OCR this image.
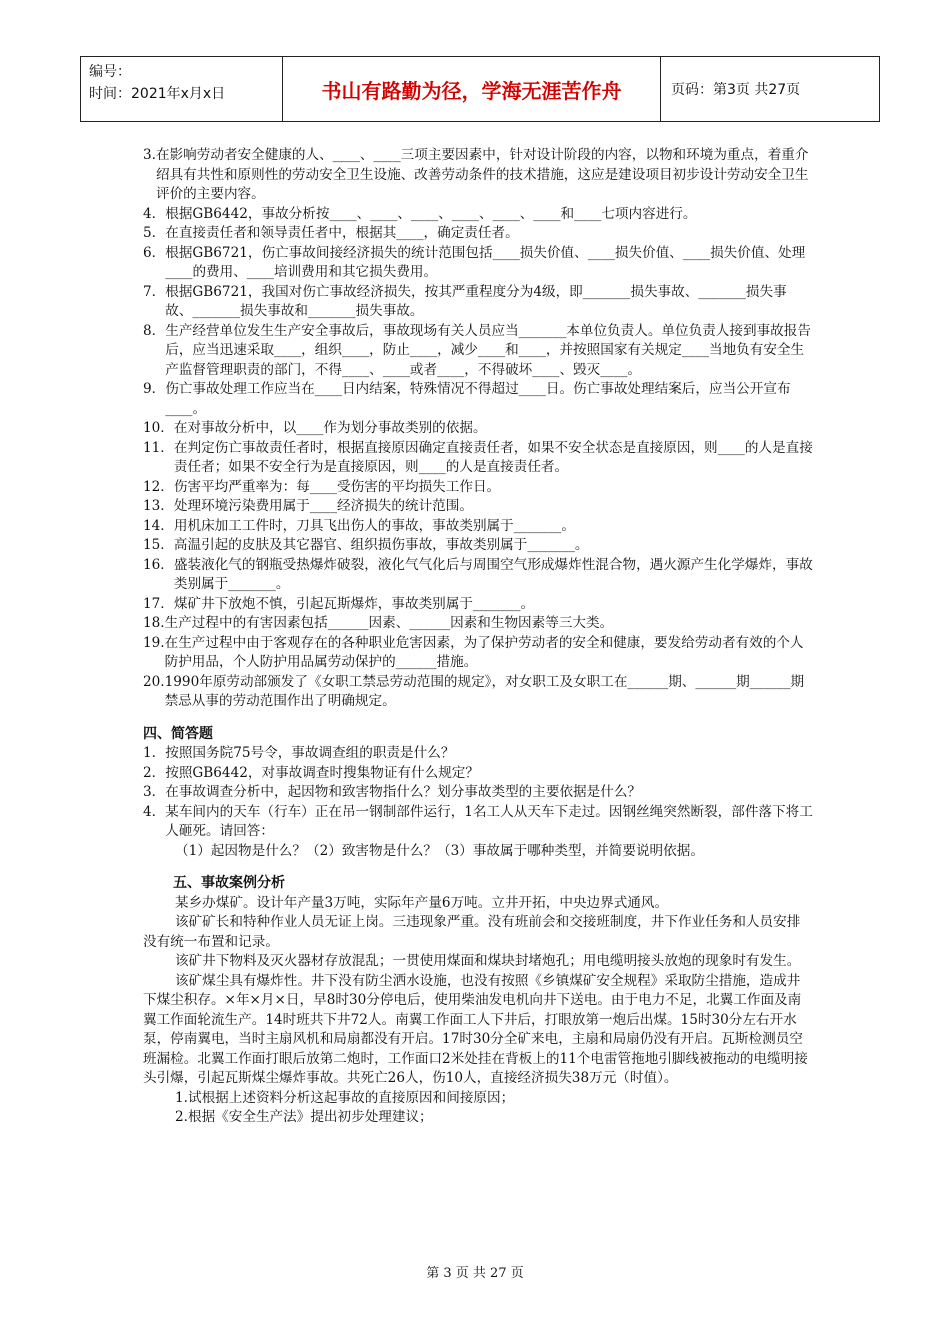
编号：
时间：2021年x月x日	书山有路勤为径，学海无涯苦作舟	页码：第3页 共27页
3. 在影响劳动者安全健康的人、____、____三项主要因素中，针对设计阶段的内容，以物和环境为重点，着重介绍具有共性和原则性的劳动安全卫生设施、改善劳动条件的技术措施，这应是建设项目初步设计劳动安全卫生评价的主要内容。
4． 根据GB6442，事故分析按____、____、____、____、____、____和____七项内容进行。
5． 在直接责任者和领导责任者中，根据其____，确定责任者。
6． 根据GB6721，伤亡事故间接经济损失的统计范围包括____损失价值、____损失价值、____损失价值、处理____的费用、____培训费用和其它损失费用。
7． 根据GB6721，我国对伤亡事故经济损失，按其严重程度分为4级，即_______损失事故、_______损失事故、_______损失事故和_______损失事故。
8． 生产经营单位发生生产安全事故后，事故现场有关人员应当_______本单位负责人。单位负责人接到事故报告后，应当迅速采取____，组织____，防止____，减少____和____，并按照国家有关规定____当地负有安全生产监督管理职责的部门，不得____、____或者____，不得破坏____、毁灭____。
9． 伤亡事故处理工作应当在____日内结案，特殊情况不得超过____日。伤亡事故处理结案后，应当公开宣布____。
10． 在对事故分析中，以____作为划分事故类别的依据。
11． 在判定伤亡事故责任者时，根据直接原因确定直接责任者，如果不安全状态是直接原因，则____的人是直接责任者；如果不安全行为是直接原因，则____的人是直接责任者。
12． 伤害平均严重率为：每____受伤害的平均损失工作日。
13． 处理环境污染费用属于____经济损失的统计范围。
14． 用机床加工工件时，刀具飞出伤人的事故，事故类别属于_______。
15． 高温引起的皮肤及其它器官、组织损伤事故，事故类别属于_______。
16． 盛装液化气的钢瓶受热爆炸破裂，液化气气化后与周围空气形成爆炸性混合物，遇火源产生化学爆炸，事故类别属于_______。
17． 煤矿井下放炮不慎，引起瓦斯爆炸，事故类别属于_______。
18. 生产过程中的有害因素包括______因素、______因素和生物因素等三大类。
19. 在生产过程中由于客观存在的各种职业危害因素，为了保护劳动者的安全和健康，要发给劳动者有效的个人防护用品，个人防护用品属劳动保护的______措施。
20. 1990年原劳动部颁发了《女职工禁忌劳动范围的规定》，对女职工及女职工在______期、______期______期禁忌从事的劳动范围作出了明确规定。
四、简答题
1． 按照国务院75号令，事故调查组的职责是什么？
2． 按照GB6442，对事故调查时搜集物证有什么规定？
3． 在事故调查分析中，起因物和致害物指什么？划分事故类型的主要依据是什么？
4． 某车间内的天车（行车）正在吊一钢制部件运行，1名工人从天车下走过。因钢丝绳突然断裂，部件落下将工人砸死。请回答：
（1）起因物是什么？（2）致害物是什么？（3）事故属于哪种类型，并简要说明依据。
五、事故案例分析
某乡办煤矿。设计年产量3万吨，实际年产量6万吨。立井开拓，中央边界式通风。
该矿矿长和特种作业人员无证上岗。三违现象严重。没有班前会和交接班制度，井下作业任务和人员安排没有统一布置和记录。
该矿井下物料及灭火器材存放混乱；一贯使用煤面和煤块封堵炮孔；用电缆明接头放炮的现象时有发生。
该矿煤尘具有爆炸性。井下没有防尘洒水设施，也没有按照《乡镇煤矿安全规程》采取防尘措施，造成井下煤尘积存。×年×月×日，早8时30分停电后，使用柴油发电机向井下送电。由于电力不足，北翼工作面及南翼工作面轮流生产。14时班共下井72人。南翼工作面工人下井后，打眼放第一炮后出煤。15时30分左右开水泵，停南翼电，当时主扇风机和局扇都没有开启。17时30分全矿来电，主扇和局扇仍没有开启。瓦斯检测员空班漏检。北翼工作面打眼后放第二炮时，工作面口2米处挂在背板上的11个电雷管拖地引脚线被拖动的电缆明接头引爆，引起瓦斯煤尘爆炸事故。共死亡26人，伤10人，直接经济损失38万元（时值）。
1.试根据上述资料分析这起事故的直接原因和间接原因；
2.根据《安全生产法》提出初步处理建议；
第 3 页 共 27 页
